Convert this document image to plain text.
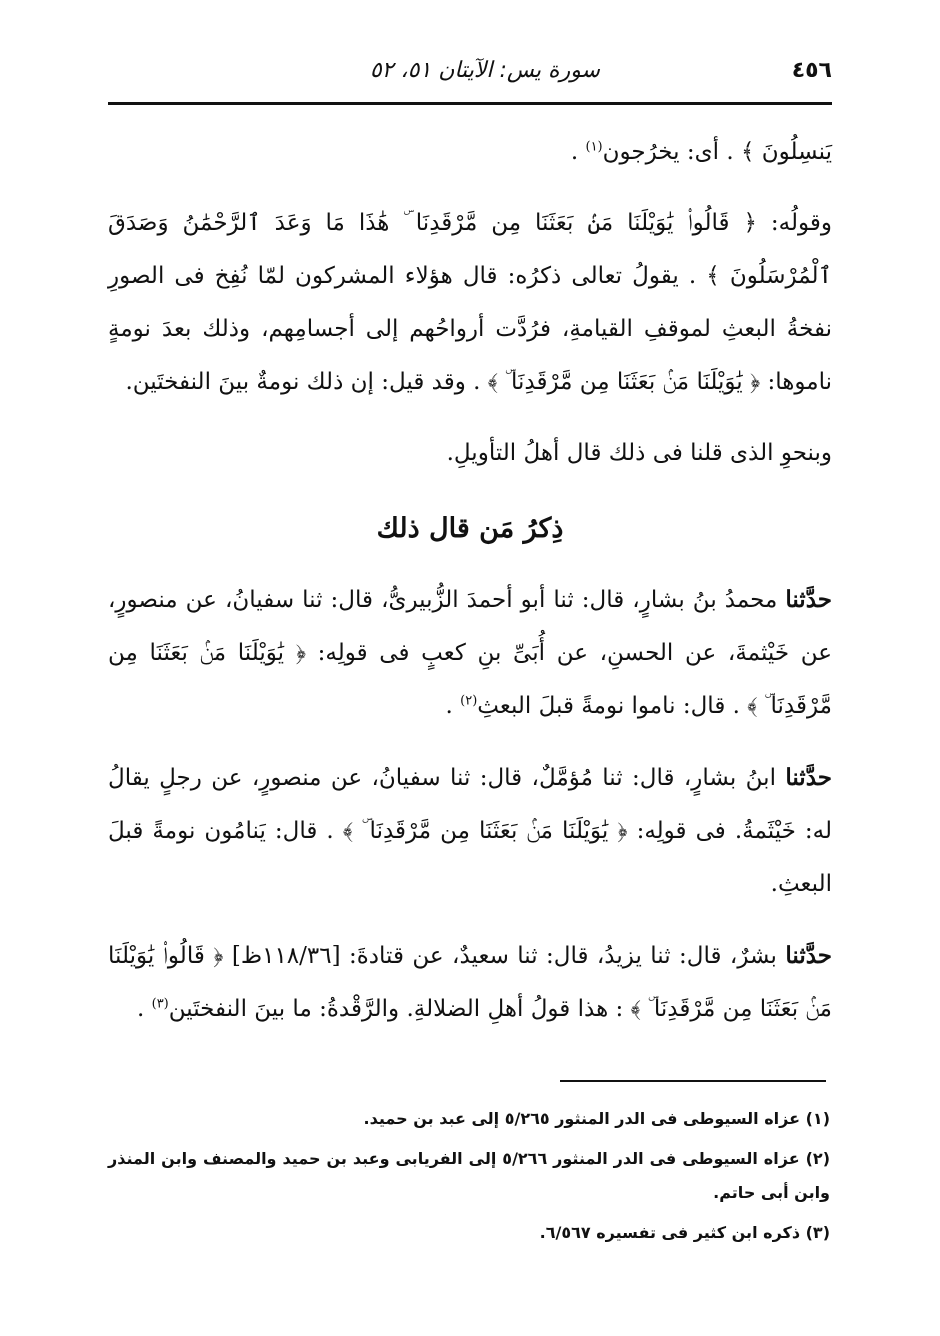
٤٥٦
سورة يس: الآيتان ٥١، ٥٢

يَنسِلُونَ ﴾ . أى: يخرُجون$^{(١)}$ .

وقولُه: ﴿ قَالُوا۟ يَٰوَيْلَنَا مَنۢ بَعَثَنَا مِن مَّرْقَدِنَا ۜ هَٰذَا مَا وَعَدَ ٱلرَّحْمَٰنُ وَصَدَقَ ٱلْمُرْسَلُونَ ﴾ . يقولُ تعالى ذكرُه: قال هؤلاء المشركون لمّا نُفِخ فى الصورِ نفخةُ البعثِ لموقفِ القيامةِ، فرُدَّت أرواحُهم إلى أجسامِهم، وذلك بعدَ نومةٍ ناموها: ﴿ يَٰوَيْلَنَا مَنۢ بَعَثَنَا مِن مَّرْقَدِنَا ۜ ﴾ . وقد قيل: إن ذلك نومةٌ بينَ النفختَين.

وبنحوِ الذى قلنا فى ذلك قال أهلُ التأويلِ.

ذِكرُ مَن قال ذلك

حدَّثنا محمدُ بنُ بشارٍ، قال: ثنا أبو أحمدَ الزُّبيرىُّ، قال: ثنا سفيانُ، عن منصورٍ، عن خَيْثمةَ، عن الحسنِ، عن أُبَىِّ بنِ كعبٍ فى قولِه: ﴿ يَٰوَيْلَنَا مَنۢ بَعَثَنَا مِن مَّرْقَدِنَا ۜ ﴾ . قال: ناموا نومةً قبلَ البعثِ$^{(٢)}$ .

حدَّثنا ابنُ بشارٍ، قال: ثنا مُؤمَّلٌ، قال: ثنا سفيانُ، عن منصورٍ، عن رجلٍ يقالُ له: خَيْثَمةُ. فى قولِه: ﴿ يَٰوَيْلَنَا مَنۢ بَعَثَنَا مِن مَّرْقَدِنَا ۜ ﴾ . قال: يَنامُون نومةً قبلَ البعثِ.

حدَّثنا بشرٌ، قال: ثنا يزيدُ، قال: ثنا سعيدٌ، عن قتادةَ: [١١٨/٣٦ظ] ﴿ قَالُوا۟ يَٰوَيْلَنَا مَنۢ بَعَثَنَا مِن مَّرْقَدِنَا ۜ ﴾ : هذا قولُ أهلِ الضلالةِ. والرَّقْدةُ: ما بينَ النفختَين$^{(٣)}$ .

(١) عزاه السيوطى فى الدر المنثور ٥/٢٦٥ إلى عبد بن حميد.

(٢) عزاه السيوطى فى الدر المنثور ٥/٢٦٦ إلى الفريابى وعبد بن حميد والمصنف وابن المنذر وابن أبى حاتم.

(٣) ذكره ابن كثير فى تفسيره ٦/٥٦٧.
